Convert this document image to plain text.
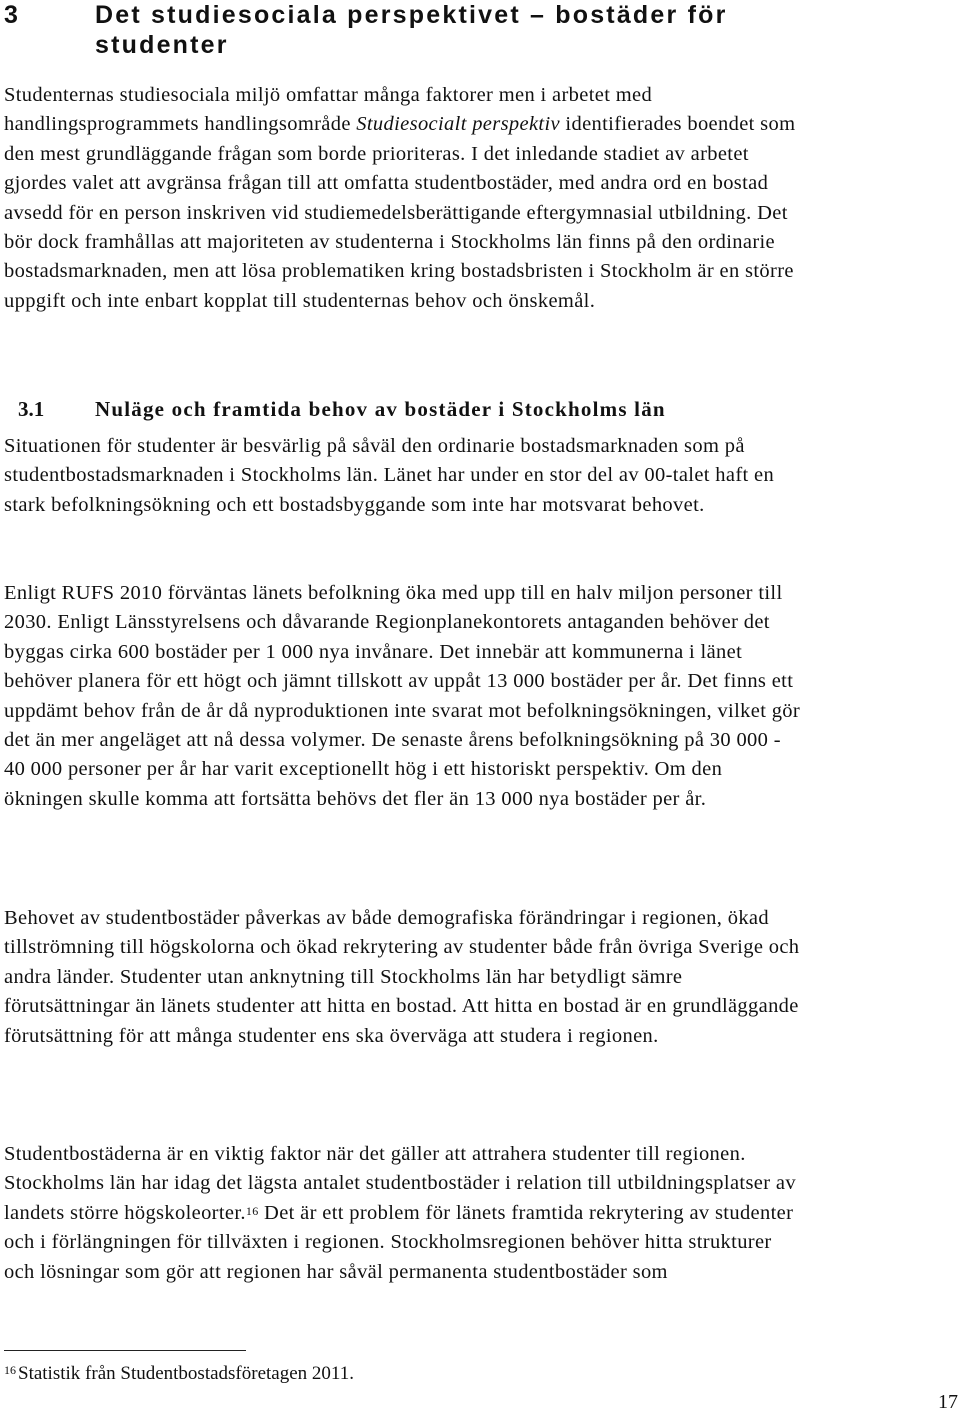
3	Det studiesociala perspektivet – bostäder för
studenter

Studenternas studiesociala miljö omfattar många faktorer men i arbetet med handlingsprogrammets handlingsområde Studiesocialt perspektiv identifierades boendet som den mest grundläggande frågan som borde prioriteras. I det inledande stadiet av arbetet gjordes valet att avgränsa frågan till att omfatta studentbostäder, med andra ord en bostad avsedd för en person inskriven vid studiemedelsberättigande eftergymnasial utbildning. Det bör dock framhållas att majoriteten av studenterna i Stockholms län finns på den ordinarie bostadsmarknaden, men att lösa problematiken kring bostadsbristen i Stockholm är en större uppgift och inte enbart kopplat till studenternas behov och önskemål.

3.1 Nuläge och framtida behov av bostäder i Stockholms län

Situationen för studenter är besvärlig på såväl den ordinarie bostadsmarknaden som på studentbostadsmarknaden i Stockholms län. Länet har under en stor del av 00-talet haft en stark befolkningsökning och ett bostadsbyggande som inte har motsvarat behovet.

Enligt RUFS 2010 förväntas länets befolkning öka med upp till en halv miljon personer till 2030. Enligt Länsstyrelsens och dåvarande Regionplanekontorets antaganden behöver det byggas cirka 600 bostäder per 1 000 nya invånare. Det innebär att kommunerna i länet behöver planera för ett högt och jämnt tillskott av uppåt 13 000 bostäder per år. Det finns ett uppdämt behov från de år då nyproduktionen inte svarat mot befolkningsökningen, vilket gör det än mer angeläget att nå dessa volymer. De senaste årens befolkningsökning på 30 000 - 40 000 personer per år har varit exceptionellt hög i ett historiskt perspektiv. Om den ökningen skulle komma att fortsätta behövs det fler än 13 000 nya bostäder per år.

Behovet av studentbostäder påverkas av både demografiska förändringar i regionen, ökad tillströmning till högskolorna och ökad rekrytering av studenter både från övriga Sverige och andra länder. Studenter utan anknytning till Stockholms län har betydligt sämre förutsättningar än länets studenter att hitta en bostad. Att hitta en bostad är en grundläggande förutsättning för att många studenter ens ska överväga att studera i regionen.

Studentbostäderna är en viktig faktor när det gäller att attrahera studenter till regionen. Stockholms län har idag det lägsta antalet studentbostäder i relation till utbildningsplatser av landets större högskoleorter.$^{16}$ Det är ett problem för länets framtida rekrytering av studenter och i förlängningen för tillväxten i regionen. Stockholmsregionen behöver hitta strukturer och lösningar som gör att regionen har såväl permanenta studentbostäder som

$^{16}$ Statistik från Studentbostadsföretagen 2011.

17
